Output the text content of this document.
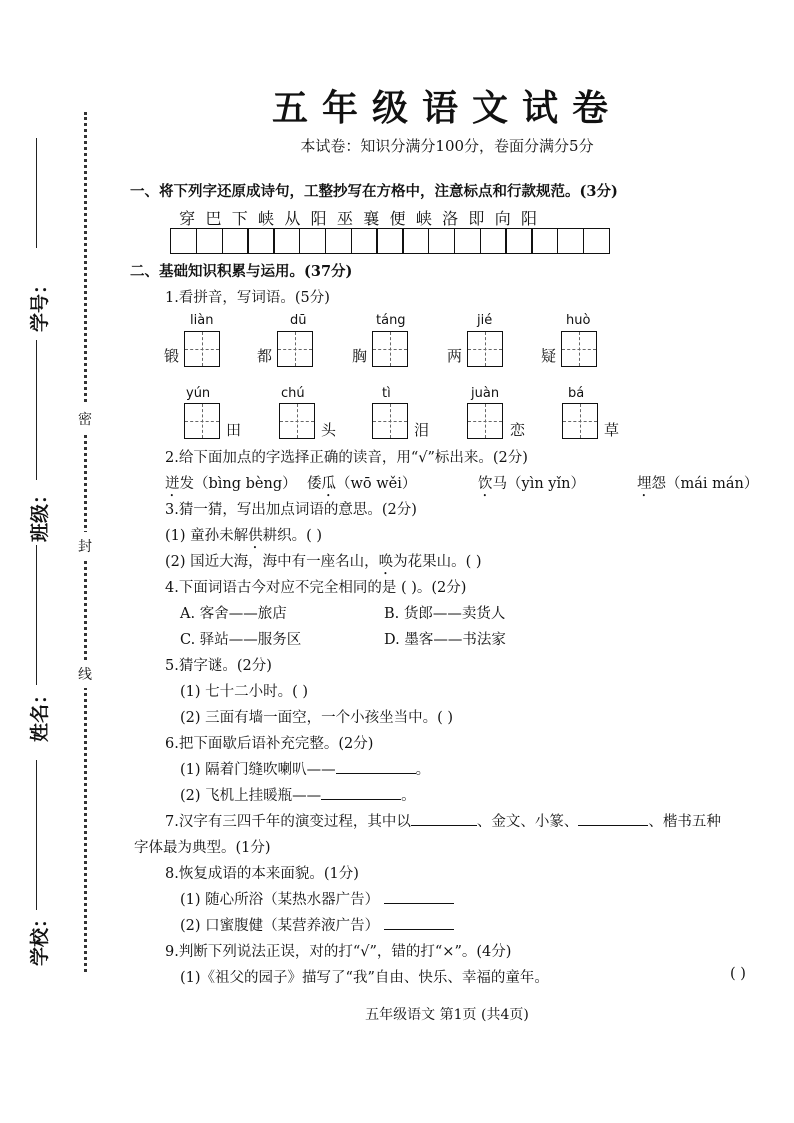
学号：
班级：
姓名：
学校：
密
封
线
五年级语文试卷
本试卷：知识分满分100分，卷面分满分5分
一、将下列字还原成诗句，工整抄写在方格中，注意标点和行款规范。(3分)
穿 巴 下 峡 从 阳 巫 襄 便 峡 洛 即 向 阳
二、基础知识积累与运用。(37分)
1.看拼音，写词语。(5分)
liàn
锻
dū
都
táng
胸
jié
两
huò
疑
yún
田
chú
头
tì
泪
juàn
恋
bá
草
2.给下面加点的字选择正确的读音，用“√”标出来。(2分)
迸发（bìng bèng） 倭瓜（wō wěi）	饮马（yìn yǐn）	埋怨（mái mán）
3.猜一猜，写出加点词语的意思。(2分)
(1) 童孙未解供耕织。( )
(2) 国近大海，海中有一座名山，唤为花果山。( )
4.下面词语古今对应不完全相同的是 ( )。(2分)
A. 客舍——旅店	B. 货郎——卖货人
C. 驿站——服务区	D. 墨客——书法家
5.猜字谜。(2分)
(1) 七十二小时。( )
(2) 三面有墙一面空，一个小孩坐当中。( )
6.把下面歇后语补充完整。(2分)
(1) 隔着门缝吹喇叭——	。
(2) 飞机上挂暖瓶——	。
7.汉字有三四千年的演变过程，其中以	、金文、小篆、	、楷书五种
字体最为典型。(1分)
8.恢复成语的本来面貌。(1分)
(1) 随心所浴（某热水器广告）
(2) 口蜜腹健（某营养液广告）
9.判断下列说法正误，对的打“√”，错的打“×”。(4分)
(1)《祖父的园子》描写了“我”自由、快乐、幸福的童年。	( )
五年级语文 第1页 (共4页)
